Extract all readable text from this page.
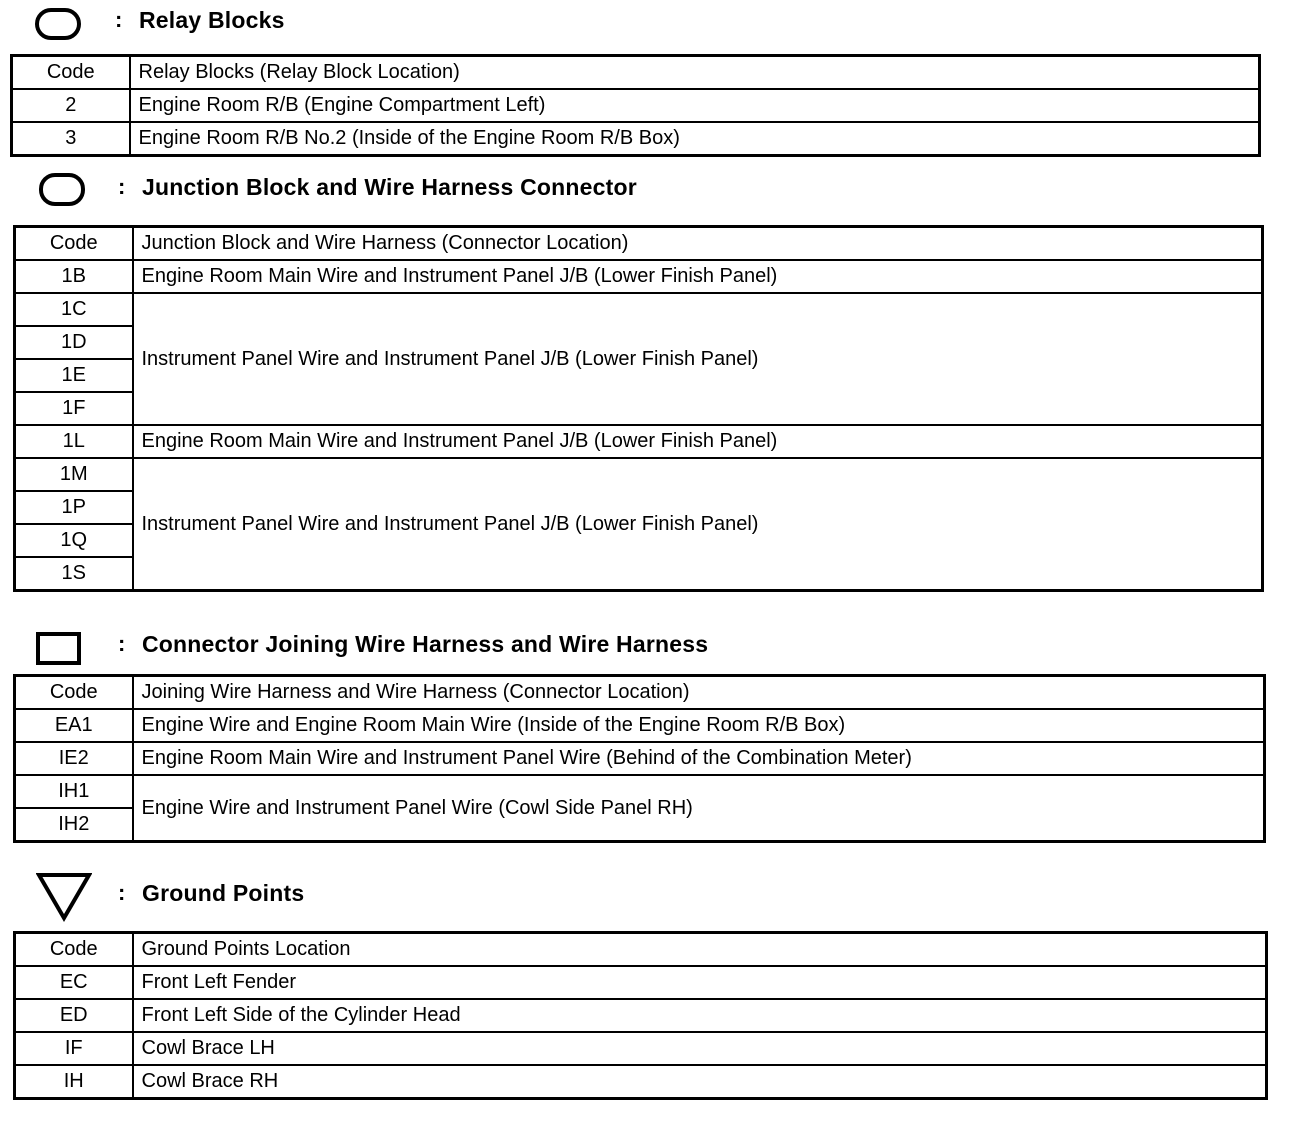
: Relay Blocks
Code	Relay Blocks (Relay Block Location)
2	Engine Room R/B (Engine Compartment Left)
3	Engine Room R/B No.2 (Inside of the Engine Room R/B Box)
: Junction Block and Wire Harness Connector
Code	Junction Block and Wire Harness (Connector Location)
1B	Engine Room Main Wire and Instrument Panel J/B (Lower Finish Panel)
1C	Instrument Panel Wire and Instrument Panel J/B (Lower Finish Panel)
1D	
1E	
1F	
1L	Engine Room Main Wire and Instrument Panel J/B (Lower Finish Panel)
1M	Instrument Panel Wire and Instrument Panel J/B (Lower Finish Panel)
1P	
1Q	
1S	
: Connector Joining Wire Harness and Wire Harness
Code	Joining Wire Harness and Wire Harness (Connector Location)
EA1	Engine Wire and Engine Room Main Wire (Inside of the Engine Room R/B Box)
IE2	Engine Room Main Wire and Instrument Panel Wire (Behind of the Combination Meter)
IH1	Engine Wire and Instrument Panel Wire (Cowl Side Panel RH)
IH2	
: Ground Points
Code	Ground Points Location
EC	Front Left Fender
ED	Front Left Side of the Cylinder Head
IF	Cowl Brace LH
IH	Cowl Brace RH
